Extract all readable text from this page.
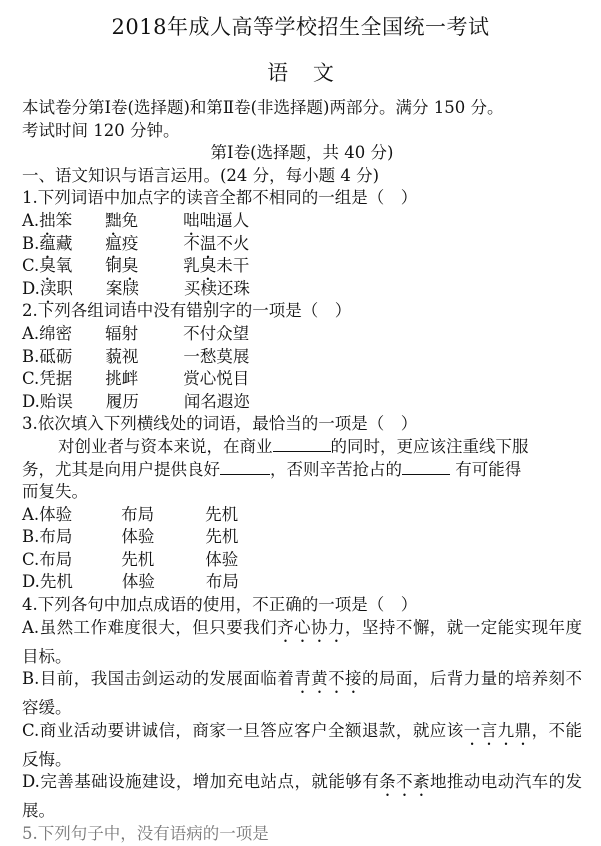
2018年成人高等学校招生全国统一考试
语 文
本试卷分第Ⅰ卷(选择题)和第Ⅱ卷(非选择题)两部分。满分 150 分。
考试时间 120 分钟。
第Ⅰ卷(选择题，共 40 分)
一、语文知识与语言运用。(24 分，每小题 4 分)
1.下列词语中加点字的读音全都不相同的一组是（　）
A.拙笨 黜免	咄咄逼人
B.蕴藏 瘟疫	不温不火
C.臭氧 铜臭	乳臭未干
D.渎职 案牍	买椟还珠
2.下列各组词语中没有错别字的一项是（　）
A.绵密 辐射	不付众望
B.砥砺 藐视	一愁莫展
C.凭据 挑衅	赏心悦目
D.贻误 履历	闻名遐迩
3.依次填入下列横线处的词语，最恰当的一项是（　）
对创业者与资本来说，在商业	的同时，更应该注重线下服
务，尤其是向用户提供良好	，否则辛苦抢占的	有可能得
而复失。
A.体验	布局	先机
B.布局	体验	先机
C.布局	先机	体验
D.先机	体验	布局
4.下列各句中加点成语的使用，不正确的一项是（　）
A.虽然工作难度很大，但只要我们齐心协力，坚持不懈，就一定能实现年度目标。
B.目前，我国击剑运动的发展面临着青黄不接的局面，后背力量的培养刻不容缓。
C.商业活动要讲诚信，商家一旦答应客户全额退款，就应该一言九鼎，不能反悔。
D.完善基础设施建设，增加充电站点，就能够有条不紊地推动电动汽车的发展。
5.下列句子中，没有语病的一项是
